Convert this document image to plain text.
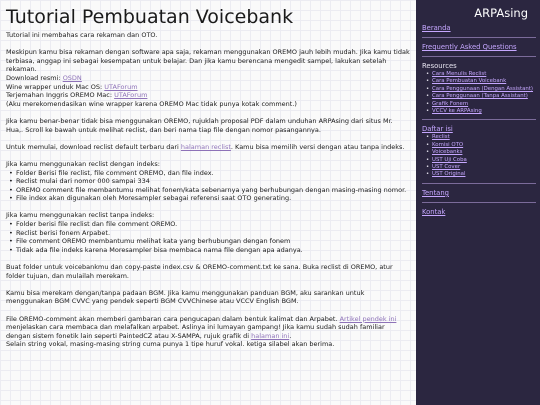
Tutorial Pembuatan Voicebank

Tutorial ini membahas cara rekaman dan OTO.

Meskipun kamu bisa rekaman dengan software apa saja, rekaman menggunakan OREMO jauh lebih mudah. Jika kamu tidak terbiasa, anggap ini sebagai kesempatan untuk belajar. Dan jika kamu berencana mengedit sampel, lakukan setelah rekaman.

Download resmi: OSDN

Wine wrapper unduk Mac OS: UTAForum

Terjemahan Inggris OREMO Mac: UTAForum

(Aku merekomendasikan wine wrapper karena OREMO Mac tidak punya kotak comment.)

Jika kamu benar-benar tidak bisa menggunakan OREMO, rujuklah proposal PDF dalam unduhan ARPAsing dari situs Mr. Hua,. Scroll ke bawah untuk melihat reclist, dan beri nama tiap file dengan nomor pasangannya.

Untuk memulai, download reclist default terbaru dari halaman reclist. Kamu bisa memilih versi dengan atau tanpa indeks.

Jika kamu menggunakan reclist dengan indeks:

• Folder Berisi file reclist, file comment OREMO, dan file index.
• Reclist mulai dari nomor 000 sampai 334
• OREMO comment file membantumu melihat fonem/kata sebenarnya yang berhubungan dengan masing-masing nomor.
• File index akan digunakan oleh Moresampler sebagai referensi saat OTO generating.

Jika kamu menggunakan reclist tanpa indeks:

• Folder berisi file reclist dan file comment OREMO.
• Reclist berisi fonem Arpabet.
• File comment OREMO membantumu melihat kata yang berhubungan dengan fonem
• Tidak ada file indeks karena Moresampler bisa membaca nama file dengan apa adanya.

Buat folder untuk voicebankmu dan copy-paste index.csv & OREMO-comment.txt ke sana. Buka reclist di OREMO, atur folder tujuan, dan mulailah merekam.

Kamu bisa merekam dengan/tanpa padaan BGM. Jika kamu menggunakan panduan BGM, aku sarankan untuk menggunakan BGM CVVC yang pendek seperti BGM CVVChinese atau VCCV English BGM.

File OREMO-comment akan memberi gambaran cara pengucapan dalam bentuk kalimat dan Arpabet. Artikel pendek ini menjelaskan cara membaca dan melafalkan arpabet. Aslinya ini lumayan gampang! Jika kamu sudah sudah familiar dengan sistem fonetik lain seperti PaintedCZ atau X-SAMPA, rujuk grafik di halaman ini.

Selain string vokal, masing-masing string cuma punya 1 tipe huruf vokal. ketiga silabel akan berima.

ARPAsing
Beranda
Frequently Asked Questions
Resources
• Cara Menulis Reclist
• Cara Pembuatan Voicebank
• Cara Penggunaan (Dengan Assistant)
• Cara Penggunaan (Tanpa Assistant)
• Grafik Fonem
• VCCV ke ARPAsing
Daftar isi
• Reclist
• Komisi OTO
• Voicebanks
• UST Uji Coba
• UST Cover
• UST Original
Tentang
Kontak
